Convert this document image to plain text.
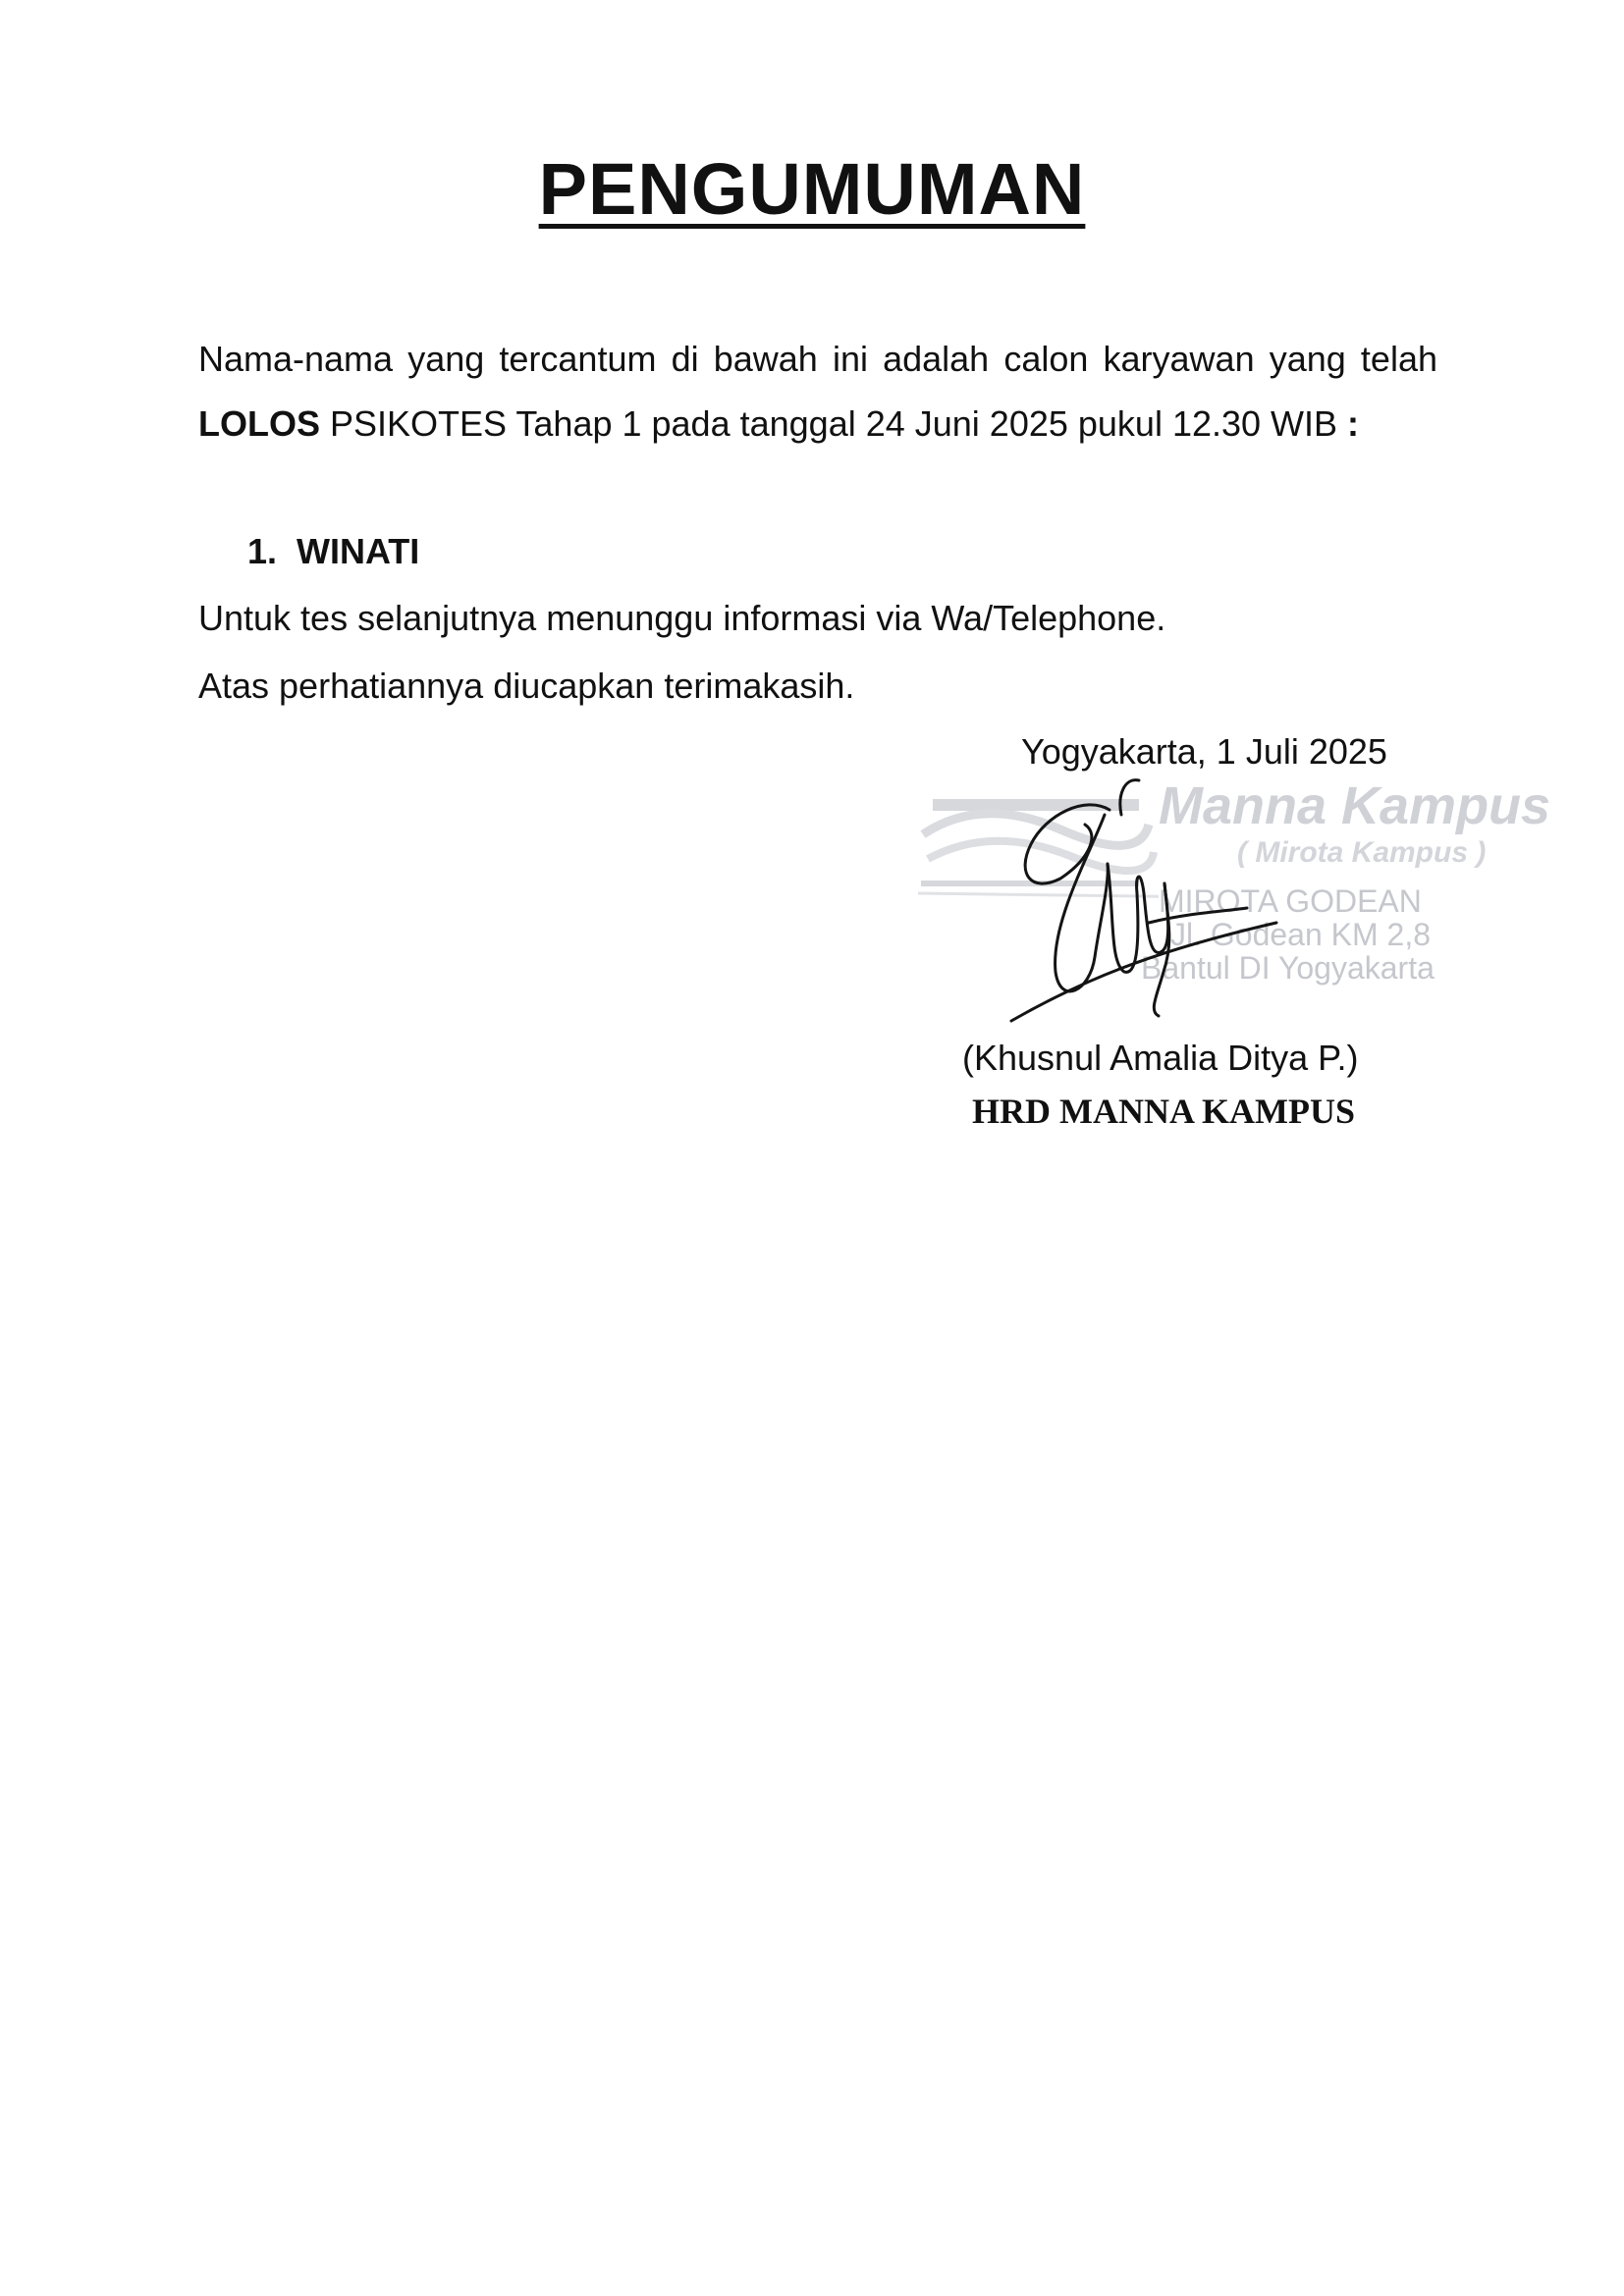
PENGUMUMAN

Nama-nama yang tercantum di bawah ini adalah calon karyawan yang telah LOLOS PSIKOTES Tahap 1 pada tanggal 24 Juni 2025 pukul 12.30 WIB :

1. WINATI

Untuk tes selanjutnya menunggu informasi via Wa/Telephone.

Atas perhatiannya diucapkan terimakasih.

Yogyakarta, 1 Juli 2025

Manna Kampus
( Mirota Kampus )
MIROTA GODEAN
Jl. Godean KM 2,8
Bantul DI Yogyakarta

(Khusnul Amalia Ditya P.)

HRD MANNA KAMPUS
